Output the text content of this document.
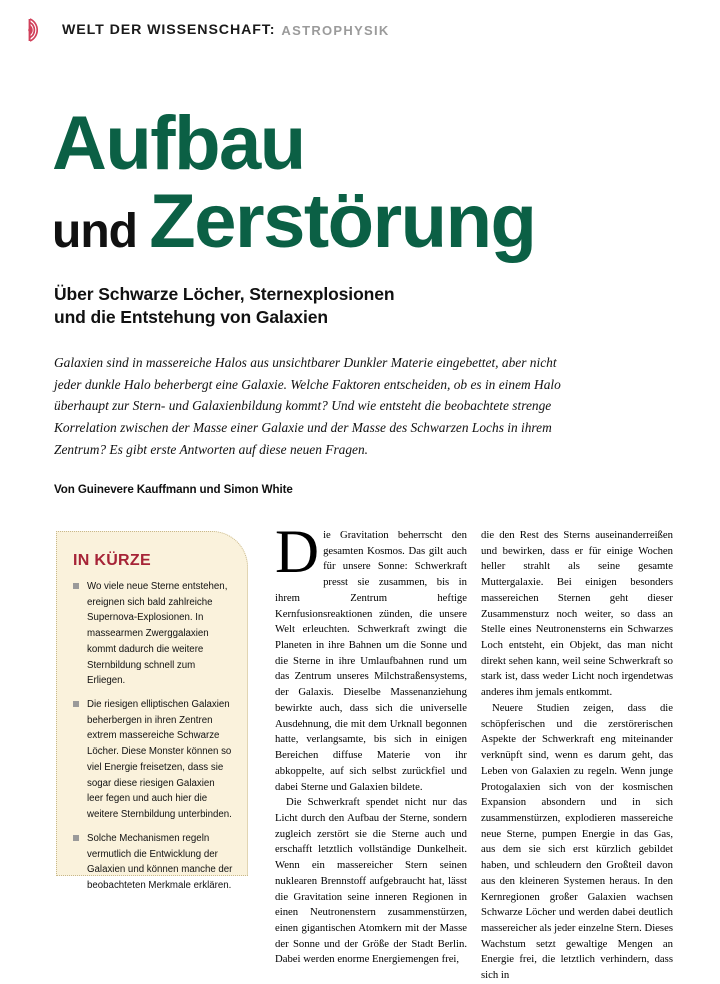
WELT DER WISSENSCHAFT: ASTROPHYSIK
Aufbau
und Zerstörung
Über Schwarze Löcher, Sternexplosionen
und die Entstehung von Galaxien
Galaxien sind in massereiche Halos aus unsichtbarer Dunkler Materie eingebettet, aber nicht jeder dunkle Halo beherbergt eine Galaxie. Welche Faktoren entscheiden, ob es in einem Halo überhaupt zur Stern- und Galaxienbildung kommt? Und wie entsteht die beobachtete strenge Korrelation zwischen der Masse einer Galaxie und der Masse des Schwarzen Lochs in ihrem Zentrum? Es gibt erste Antworten auf diese neuen Fragen.
Von Guinevere Kauffmann und Simon White
IN KÜRZE
Wo viele neue Sterne entstehen, ereignen sich bald zahlreiche Supernova-Explosionen. In massearmen Zwerggalaxien kommt dadurch die weitere Sternbildung schnell zum Erliegen.
Die riesigen elliptischen Galaxien beherbergen in ihren Zentren extrem massereiche Schwarze Löcher. Diese Monster können so viel Energie freisetzen, dass sie sogar diese riesigen Galaxien leer fegen und auch hier die weitere Sternbildung unterbinden.
Solche Mechanismen regeln vermutlich die Entwicklung der Galaxien und können manche der beobachteten Merkmale erklären.

Die Gravitation beherrscht den gesamten Kosmos. Das gilt auch für unsere Sonne: Schwerkraft presst sie zusammen, bis in ihrem Zentrum heftige Kernfusionsreaktionen zünden, die unsere Welt erleuchten. Schwerkraft zwingt die Planeten in ihre Bahnen um die Sonne und die Sterne in ihre Umlaufbahnen rund um das Zentrum unseres Milchstraßensystems, der Galaxis. Dieselbe Massenanziehung bewirkte auch, dass sich die universelle Ausdehnung, die mit dem Urknall begonnen hatte, verlangsamte, bis sich in einigen Bereichen diffuse Materie von ihr abkoppelte, auf sich selbst zurückfiel und dabei Sterne und Galaxien bildete.

Die Schwerkraft spendet nicht nur das Licht durch den Aufbau der Sterne, sondern zugleich zerstört sie die Sterne auch und erschafft letztlich vollständige Dunkelheit. Wenn ein massereicher Stern seinen nuklearen Brennstoff aufgebraucht hat, lässt die Gravitation seine inneren Regionen in einen Neutronenstern zusammenstürzen, einen gigantischen Atomkern mit der Masse der Sonne und der Größe der Stadt Berlin. Dabei werden enorme Energiemengen frei,

die den Rest des Sterns auseinanderreißen und bewirken, dass er für einige Wochen heller strahlt als seine gesamte Muttergalaxie. Bei einigen besonders massereichen Sternen geht dieser Zusammensturz noch weiter, so dass an Stelle eines Neutronensterns ein Schwarzes Loch entsteht, ein Objekt, das man nicht direkt sehen kann, weil seine Schwerkraft so stark ist, dass weder Licht noch irgendetwas anderes ihm jemals entkommt.

Neuere Studien zeigen, dass die schöpferischen und die zerstörerischen Aspekte der Schwerkraft eng miteinander verknüpft sind, wenn es darum geht, das Leben von Galaxien zu regeln. Wenn junge Protogalaxien sich von der kosmischen Expansion absondern und in sich zusammenstürzen, explodieren massereiche neue Sterne, pumpen Energie in das Gas, aus dem sie sich erst kürzlich gebildet haben, und schleudern den Großteil davon aus den kleineren Systemen heraus. In den Kernregionen großer Galaxien wachsen Schwarze Löcher und werden dabei deutlich massereicher als jeder einzelne Stern. Dieses Wachstum setzt gewaltige Mengen an Energie frei, die letztlich verhindern, dass sich in
